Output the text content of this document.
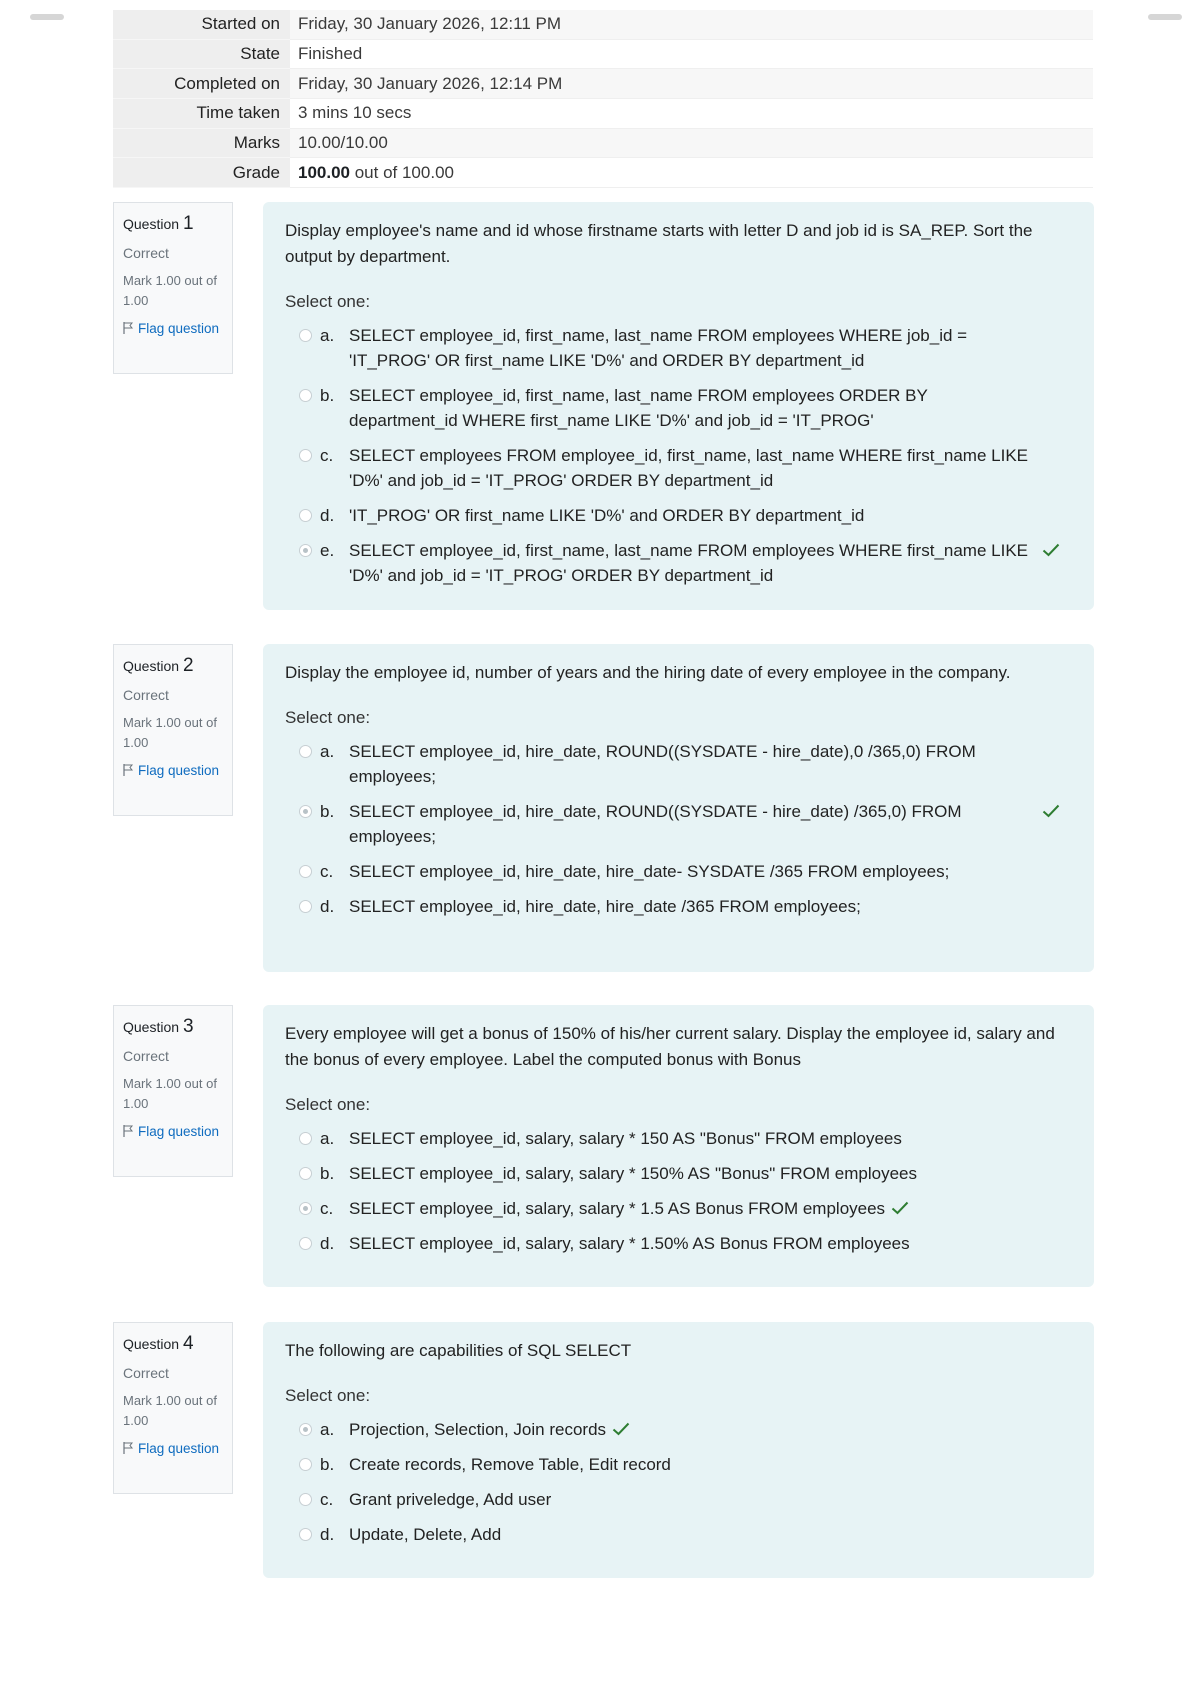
Started on	Friday, 30 January 2026, 12:11 PM
State	Finished
Completed on	Friday, 30 January 2026, 12:14 PM
Time taken	3 mins 10 secs
Marks	10.00/10.00
Grade	100.00 out of 100.00
Question 1
Correct
Mark 1.00 out of 1.00
Flag question
Display employee's name and id whose firstname starts with letter D and job id is SA_REP. Sort the output by department.
Select one:
a. SELECT employee_id, first_name, last_name FROM employees WHERE job_id = 'IT_PROG' OR first_name LIKE 'D%' and ORDER BY department_id
b. SELECT employee_id, first_name, last_name FROM employees ORDER BY department_id WHERE first_name LIKE 'D%' and job_id = 'IT_PROG'
c. SELECT employees FROM employee_id, first_name, last_name WHERE first_name LIKE 'D%' and job_id = 'IT_PROG' ORDER BY department_id
d. 'IT_PROG' OR first_name LIKE 'D%' and ORDER BY department_id
e. SELECT employee_id, first_name, last_name FROM employees WHERE first_name LIKE 'D%' and job_id = 'IT_PROG' ORDER BY department_id
Question 2
Correct
Mark 1.00 out of 1.00
Flag question
Display the employee id, number of years and the hiring date of every employee in the company.
Select one:
a. SELECT employee_id, hire_date, ROUND((SYSDATE - hire_date),0 /365,0) FROM employees;
b. SELECT employee_id, hire_date, ROUND((SYSDATE - hire_date) /365,0) FROM employees;
c. SELECT employee_id, hire_date, hire_date- SYSDATE /365 FROM employees;
d. SELECT employee_id, hire_date, hire_date /365 FROM employees;
Question 3
Correct
Mark 1.00 out of 1.00
Flag question
Every employee will get a bonus of 150% of his/her current salary. Display the employee id, salary and the bonus of every employee. Label the computed bonus with Bonus
Select one:
a. SELECT employee_id, salary, salary * 150 AS "Bonus" FROM employees
b. SELECT employee_id, salary, salary * 150% AS "Bonus" FROM employees
c. SELECT employee_id, salary, salary * 1.5 AS Bonus FROM employees
d. SELECT employee_id, salary, salary * 1.50% AS Bonus FROM employees
Question 4
Correct
Mark 1.00 out of 1.00
Flag question
The following are capabilities of SQL SELECT
Select one:
a. Projection, Selection, Join records
b. Create records, Remove Table, Edit record
c. Grant priveledge, Add user
d. Update, Delete, Add
